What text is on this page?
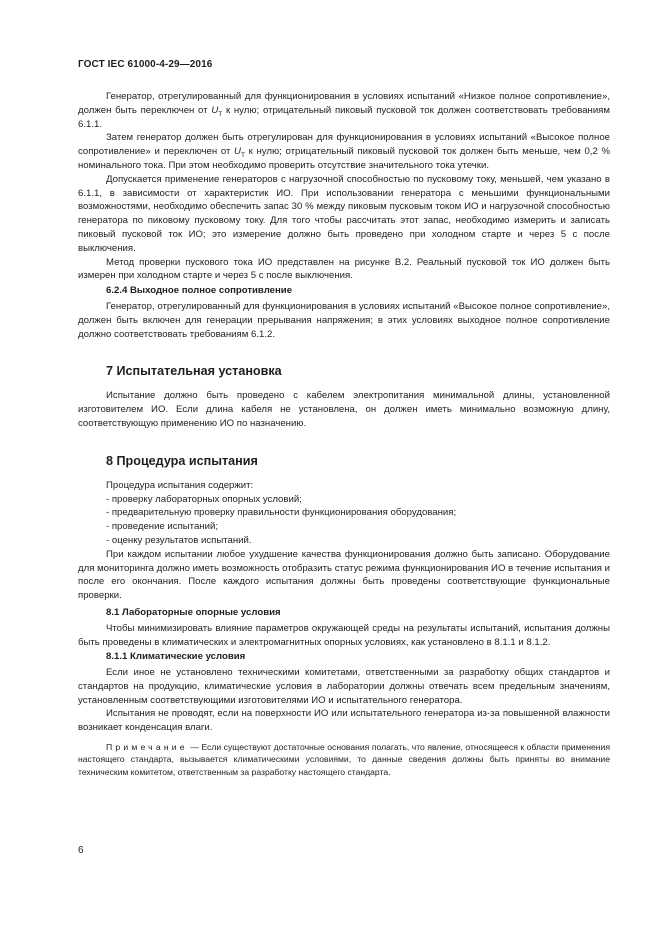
ГОСТ IEC 61000-4-29—2016

Генератор, отрегулированный для функционирования в условиях испытаний «Низкое полное сопротивление», должен быть переключен от $U_T$ к нулю; отрицательный пиковый пусковой ток должен соответствовать требованиям 6.1.1.

Затем генератор должен быть отрегулирован для функционирования в условиях испытаний «Высокое полное сопротивление» и переключен от $U_T$ к нулю; отрицательный пиковый пусковой ток должен быть меньше, чем 0,2 % номинального тока. При этом необходимо проверить отсутствие значительного тока утечки.

Допускается применение генераторов с нагрузочной способностью по пусковому току, меньшей, чем указано в 6.1.1, в зависимости от характеристик ИО. При использовании генератора с меньшими функциональными возможностями, необходимо обеспечить запас 30 % между пиковым пусковым током ИО и нагрузочной способностью генератора по пиковому пусковому току. Для того чтобы рассчитать этот запас, необходимо измерить и записать пиковый пусковой ток ИО; это измерение должно быть проведено при холодном старте и через 5 с после выключения.

Метод проверки пускового тока ИО представлен на рисунке В.2. Реальный пусковой ток ИО должен быть измерен при холодном старте и через 5 с после выключения.

6.2.4 Выходное полное сопротивление

Генератор, отрегулированный для функционирования в условиях испытаний «Высокое полное сопротивление», должен быть включен для генерации прерывания напряжения; в этих условиях выходное полное сопротивление должно соответствовать требованиям 6.1.2.

7 Испытательная установка

Испытание должно быть проведено с кабелем электропитания минимальной длины, установленной изготовителем ИО. Если длина кабеля не установлена, он должен иметь минимально возможную длину, соответствующую применению ИО по назначению.

8 Процедура испытания

Процедура испытания содержит:

- проверку лабораторных опорных условий;
- предварительную проверку правильности функционирования оборудования;
- проведение испытаний;
- оценку результатов испытаний.

При каждом испытании любое ухудшение качества функционирования должно быть записано. Оборудование для мониторинга должно иметь возможность отобразить статус режима функционирования ИО в течение испытания и после его окончания. После каждого испытания должны быть проведены соответствующие функциональные проверки.

8.1 Лабораторные опорные условия

Чтобы минимизировать влияние параметров окружающей среды на результаты испытаний, испытания должны быть проведены в климатических и электромагнитных опорных условиях, как установлено в 8.1.1 и 8.1.2.

8.1.1 Климатические условия

Если иное не установлено техническими комитетами, ответственными за разработку общих стандартов и стандартов на продукцию, климатические условия в лаборатории должны отвечать всем предельным значениям, установленным соответствующими изготовителями ИО и испытательного генератора.

Испытания не проводят, если на поверхности ИО или испытательного генератора из-за повышенной влажности возникает конденсация влаги.

Примечание — Если существуют достаточные основания полагать, что явление, относящееся к области применения настоящего стандарта, вызывается климатическими условиями, то данные сведения должны быть приняты во внимание техническим комитетом, ответственным за разработку настоящего стандарта.

6
